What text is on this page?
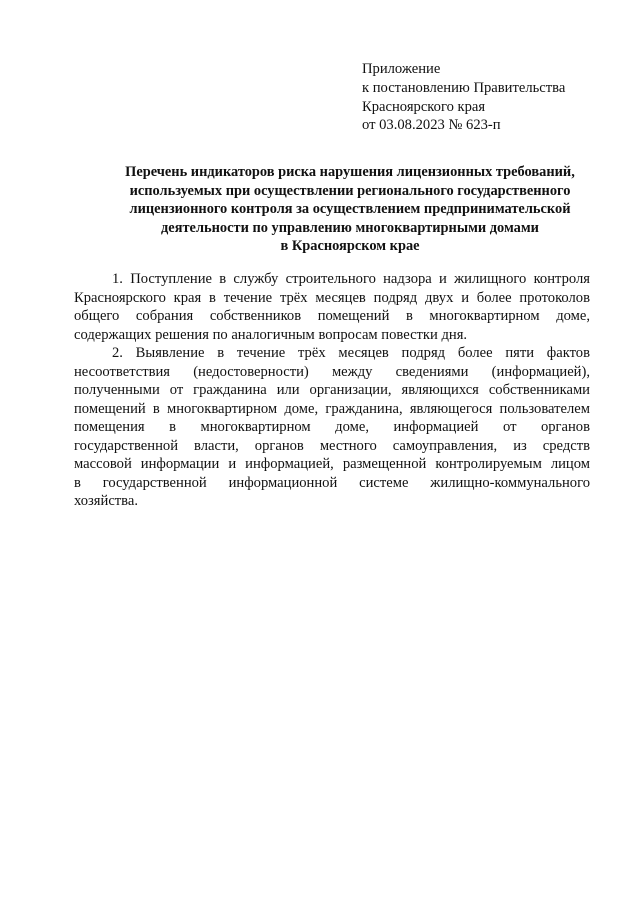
Приложение
к постановлению Правительства
Красноярского края
от 03.08.2023 № 623-п
Перечень индикаторов риска нарушения лицензионных требований,
используемых при осуществлении регионального государственного
лицензионного контроля за осуществлением предпринимательской
деятельности по управлению многоквартирными домами
в Красноярском крае
1. Поступление в службу строительного надзора и жилищного контроля
Красноярского края в течение трёх месяцев подряд двух и более протоколов
общего собрания собственников помещений в многоквартирном доме,
содержащих решения по аналогичным вопросам повестки дня.
2. Выявление в течение трёх месяцев подряд более пяти фактов
несоответствия (недостоверности) между сведениями (информацией),
полученными от гражданина или организации, являющихся собственниками
помещений в многоквартирном доме, гражданина, являющегося пользователем
помещения в многоквартирном доме, информацией от органов
государственной власти, органов местного самоуправления, из средств
массовой информации и информацией, размещенной контролируемым лицом
в государственной информационной системе жилищно-коммунального
хозяйства.
